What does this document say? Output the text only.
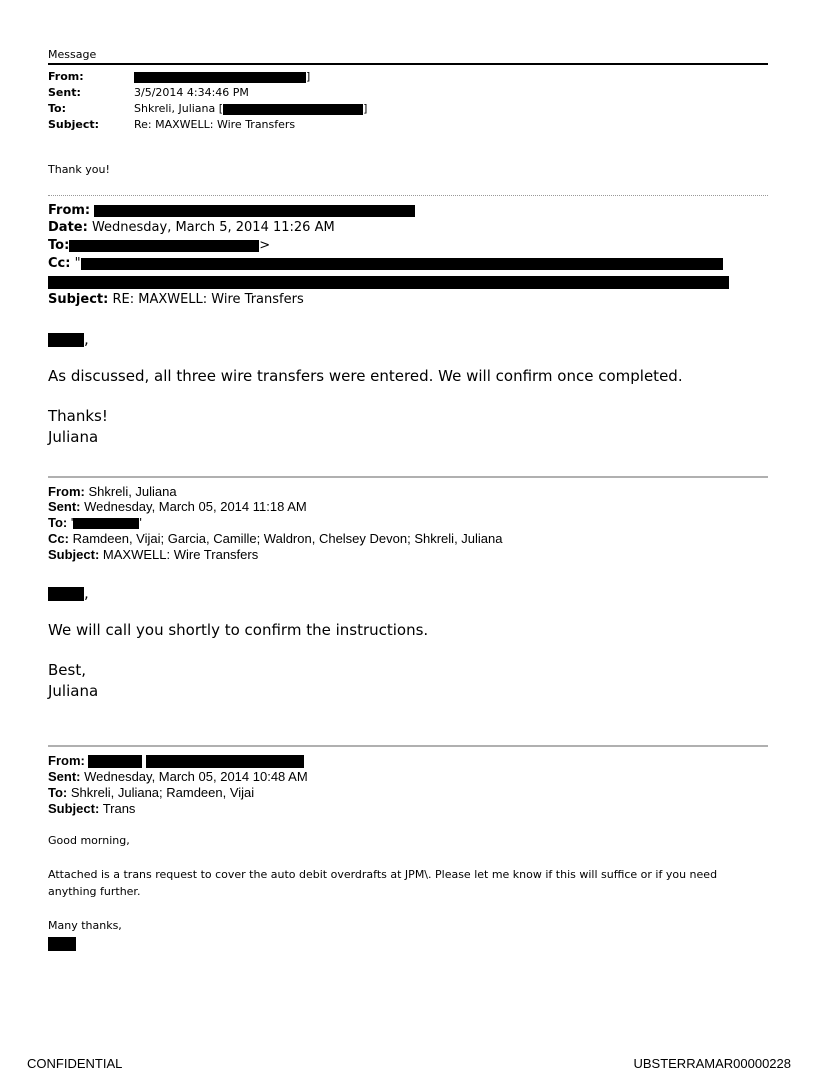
Message
From:	]
Sent:	3/5/2014 4:34:46 PM
To:	Shkreli, Juliana [	]
Subject:	Re: MAXWELL: Wire Transfers
Thank you!
From:
Date: Wednesday, March 5, 2014 11:26 AM
To:	>
Cc: "
Subject: RE: MAXWELL: Wire Transfers
,
As discussed, all three wire transfers were entered. We will confirm once completed.
Thanks!
Juliana
From: Shkreli, Juliana
Sent: Wednesday, March 05, 2014 11:18 AM
To: '	'
Cc: Ramdeen, Vijai; Garcia, Camille; Waldron, Chelsey Devon; Shkreli, Juliana
Subject: MAXWELL: Wire Transfers
,
We will call you shortly to confirm the instructions.
Best,
Juliana
From:
Sent: Wednesday, March 05, 2014 10:48 AM
To: Shkreli, Juliana; Ramdeen, Vijai
Subject: Trans
Good morning,
Attached is a trans request to cover the auto debit overdrafts at JPM\. Please let me know if this will suffice or if you need
anything further.
Many thanks,
CONFIDENTIAL	UBSTERRAMAR00000228
